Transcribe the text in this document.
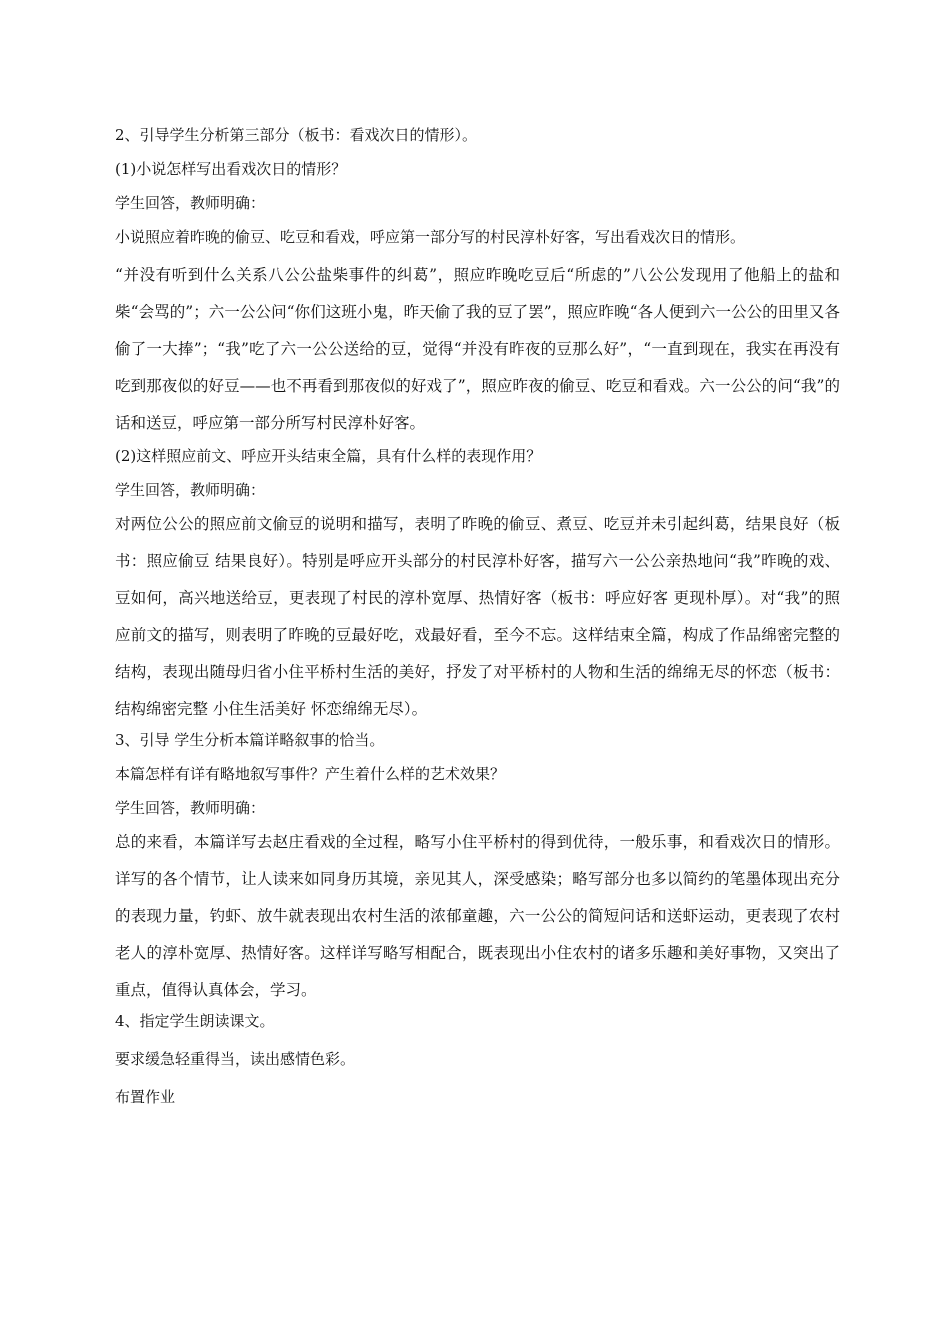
2、引导学生分析第三部分（板书：看戏次日的情形）。

(1)小说怎样写出看戏次日的情形？

学生回答，教师明确：

小说照应着昨晚的偷豆、吃豆和看戏，呼应第一部分写的村民淳朴好客，写出看戏次日的情形。

“并没有听到什么关系八公公盐柴事件的纠葛”，照应昨晚吃豆后“所虑的”八公公发现用了他船上的盐和柴“会骂的”；六一公公问“你们这班小鬼，昨天偷了我的豆了罢”，照应昨晚“各人便到六一公公的田里又各偷了一大捧”；“我”吃了六一公公送给的豆，觉得“并没有昨夜的豆那么好”，“一直到现在，我实在再没有吃到那夜似的好豆——也不再看到那夜似的好戏了”，照应昨夜的偷豆、吃豆和看戏。六一公公的问“我”的话和送豆，呼应第一部分所写村民淳朴好客。

(2)这样照应前文、呼应开头结束全篇，具有什么样的表现作用？

学生回答，教师明确：

对两位公公的照应前文偷豆的说明和描写，表明了昨晚的偷豆、煮豆、吃豆并未引起纠葛，结果良好（板书：照应偷豆 结果良好）。特别是呼应开头部分的村民淳朴好客，描写六一公公亲热地问“我”昨晚的戏、豆如何，高兴地送给豆，更表现了村民的淳朴宽厚、热情好客（板书：呼应好客 更现朴厚）。对“我”的照应前文的描写，则表明了昨晚的豆最好吃，戏最好看，至今不忘。这样结束全篇，构成了作品绵密完整的结构，表现出随母归省小住平桥村生活的美好，抒发了对平桥村的人物和生活的绵绵无尽的怀恋（板书：结构绵密完整 小住生活美好 怀恋绵绵无尽）。

3、引导 学生分析本篇详略叙事的恰当。

本篇怎样有详有略地叙写事件？产生着什么样的艺术效果？

学生回答，教师明确：

总的来看，本篇详写去赵庄看戏的全过程，略写小住平桥村的得到优待，一般乐事，和看戏次日的情形。详写的各个情节，让人读来如同身历其境，亲见其人，深受感染；略写部分也多以简约的笔墨体现出充分的表现力量，钓虾、放牛就表现出农村生活的浓郁童趣，六一公公的简短问话和送虾运动，更表现了农村老人的淳朴宽厚、热情好客。这样详写略写相配合，既表现出小住农村的诸多乐趣和美好事物，又突出了重点，值得认真体会，学习。

4、指定学生朗读课文。

要求缓急轻重得当，读出感情色彩。

布置作业
